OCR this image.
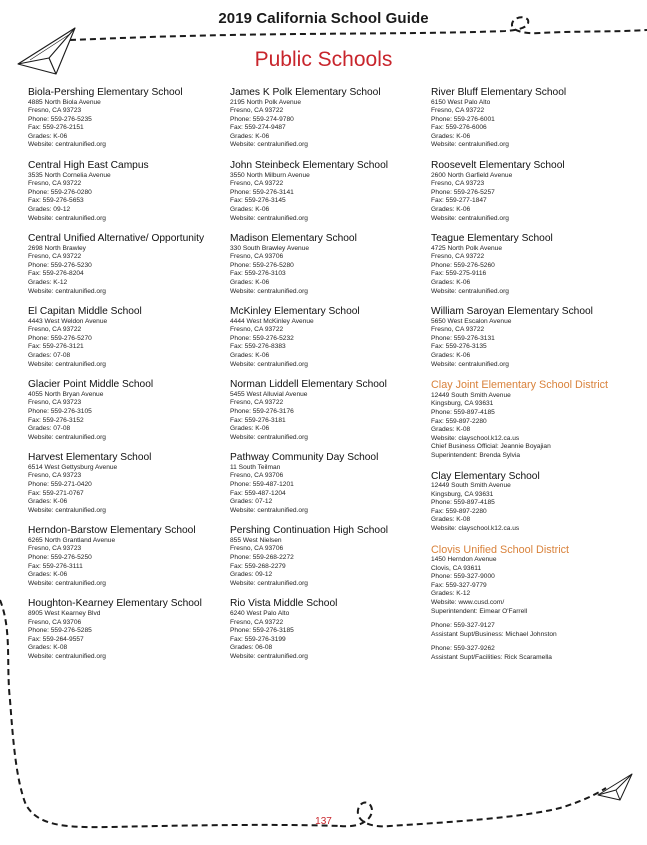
2019 California School Guide
Public Schools
Biola-Pershing Elementary School
4885 North Biola Avenue
Fresno, CA 93723
Phone: 559-276-5235
Fax: 559-276-2151
Grades: K-06
Website: centralunified.org
Central High East Campus
3535 North Cornelia Avenue
Fresno, CA 93722
Phone: 559-276-0280
Fax: 559-276-5653
Grades: 09-12
Website: centralunified.org
Central Unified Alternative/ Opportunity
2698 North Brawley
Fresno, CA 93722
Phone: 559-276-5230
Fax: 559-276-8204
Grades: K-12
Website: centralunified.org
El Capitan Middle School
4443 West Weldon Avenue
Fresno, CA 93722
Phone: 559-276-5270
Fax: 559-276-3121
Grades: 07-08
Website: centralunified.org
Glacier Point Middle School
4055 North Bryan Avenue
Fresno, CA 93723
Phone: 559-276-3105
Fax: 559-276-3152
Grades: 07-08
Website: centralunified.org
Harvest Elementary School
6514 West Gettysburg Avenue
Fresno, CA 93723
Phone: 559-271-0420
Fax: 559-271-0767
Grades: K-06
Website: centralunified.org
Herndon-Barstow Elementary School
6265 North Grantland Avenue
Fresno, CA 93723
Phone: 559-276-5250
Fax: 559-276-3111
Grades: K-06
Website: centralunified.org
Houghton-Kearney Elementary School
8905 West Kearney Blvd
Fresno, CA 93706
Phone: 559-276-5285
Fax: 559-264-9557
Grades: K-08
Website: centralunified.org
James K Polk Elementary School
2195 North Polk Avenue
Fresno, CA 93722
Phone: 559-274-9780
Fax: 559-274-9487
Grades: K-06
Website: centralunified.org
John Steinbeck Elementary School
3550 North Milburn Avenue
Fresno, CA 93722
Phone: 559-276-3141
Fax: 559-276-3145
Grades: K-06
Website: centralunified.org
Madison Elementary School
330 South Brawley Avenue
Fresno, CA 93706
Phone: 559-276-5280
Fax: 559-276-3103
Grades: K-06
Website: centralunified.org
McKinley Elementary School
4444 West McKinley Avenue
Fresno, CA 93722
Phone: 559-276-5232
Fax: 559-276-8383
Grades: K-06
Website: centralunified.org
Norman Liddell Elementary School
5455 West Alluvial Avenue
Fresno, CA 93722
Phone: 559-276-3176
Fax: 559-276-3181
Grades: K-06
Website: centralunified.org
Pathway Community Day School
11 South Teilman
Fresno, CA 93706
Phone: 559-487-1201
Fax: 559-487-1204
Grades: 07-12
Website: centralunified.org
Pershing Continuation High School
855 West Nielsen
Fresno, CA 93706
Phone: 559-268-2272
Fax: 559-268-2279
Grades: 09-12
Website: centralunified.org
Rio Vista Middle School
6240 West Palo Alto
Fresno, CA 93722
Phone: 559-276-3185
Fax: 559-276-3199
Grades: 06-08
Website: centralunified.org
River Bluff Elementary School
6150 West Palo Alto
Fresno, CA 93722
Phone: 559-276-6001
Fax: 559-276-6006
Grades: K-06
Website: centralunified.org
Roosevelt Elementary School
2600 North Garfield Avenue
Fresno, CA 93723
Phone: 559-276-5257
Fax: 559-277-1847
Grades: K-06
Website: centralunified.org
Teague Elementary School
4725 North Polk Avenue
Fresno, CA 93722
Phone: 559-276-5260
Fax: 559-275-9116
Grades: K-06
Website: centralunified.org
William Saroyan Elementary School
5650 West Escalon Avenue
Fresno, CA 93722
Phone: 559-276-3131
Fax: 559-276-3135
Grades: K-06
Website: centralunified.org
Clay Joint Elementary School District
12449 South Smith Avenue
Kingsburg, CA 93631
Phone: 559-897-4185
Fax: 559-897-2280
Grades: K-08
Website: clayschool.k12.ca.us
Chief Business Official: Jeannie Boyajian
Superintendent: Brenda Sylvia
Clay Elementary School
12449 South Smith Avenue
Kingsburg, CA 93631
Phone: 559-897-4185
Fax: 559-897-2280
Grades: K-08
Website: clayschool.k12.ca.us
Clovis Unified School District
1450 Herndon Avenue
Clovis, CA 93611
Phone: 559-327-9000
Fax: 559-327-9779
Grades: K-12
Website: www.cusd.com/
Superintendent: Eimear O'Farrell
Phone: 559-327-9127
Assistant Supt/Business: Michael Johnston
Phone: 559-327-9262
Assistant Supt/Facilities: Rick Scaramella
137
